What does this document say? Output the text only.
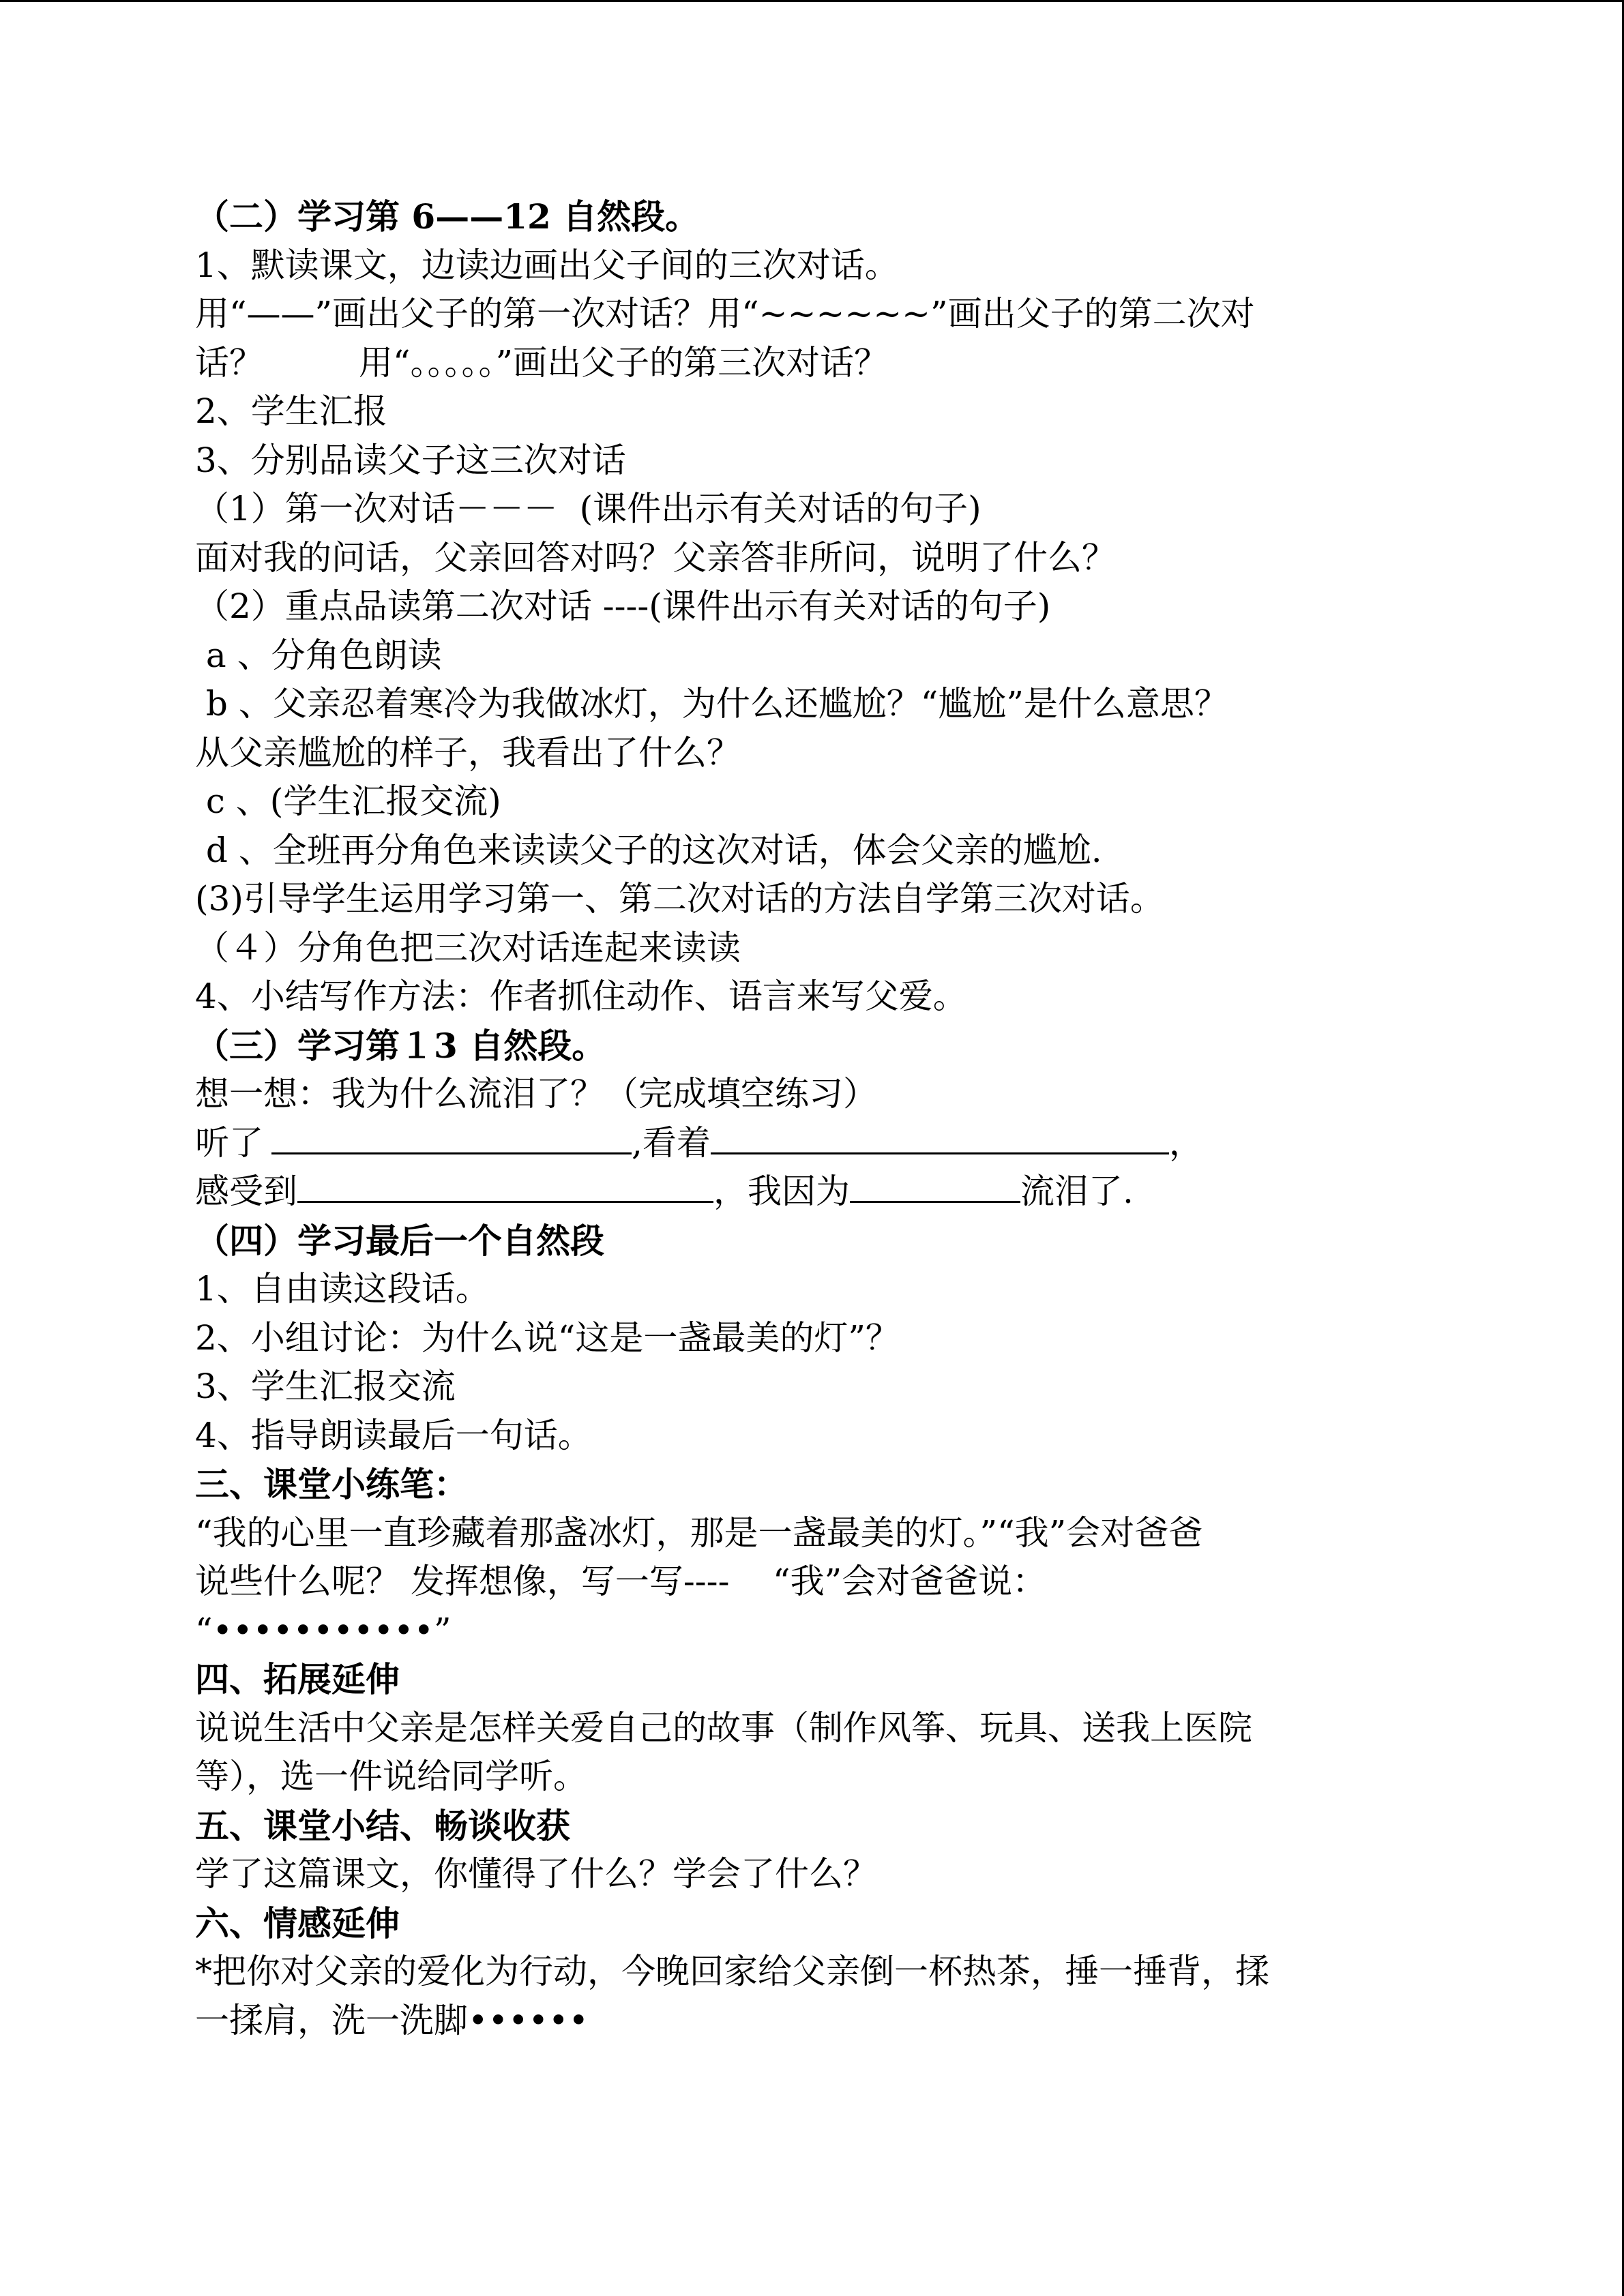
（二）学习第 6——12 自然段。

1、默读课文，边读边画出父子间的三次对话。

用“——”画出父子的第一次对话？用“~~~~~~”画出父子的第二次对

话？	用“。。。。。”画出父子的第三次对话？

2、学生汇报

3、分别品读父子这三次对话

（1）第一次对话－－－  (课件出示有关对话的句子)

面对我的问话，父亲回答对吗？父亲答非所问，说明了什么？

（2）重点品读第二次对话 ----(课件出示有关对话的句子)

a 、分角色朗读

b 、父亲忍着寒冷为我做冰灯，为什么还尴尬？“尴尬”是什么意思？

从父亲尴尬的样子，我看出了什么？

c 、(学生汇报交流)

d 、全班再分角色来读读父子的这次对话，体会父亲的尴尬.

(3)引导学生运用学习第一、第二次对话的方法自学第三次对话。

（４）分角色把三次对话连起来读读

4、小结写作方法：作者抓住动作、语言来写父爱。

（三）学习第１3 自然段。

想一想：我为什么流泪了？（完成填空练习）

听了	,看着	，

感受到	，我因为	流泪了.

（四）学习最后一个自然段

1、自由读这段话。

2、小组讨论：为什么说“这是一盏最美的灯”？

3、学生汇报交流

4、指导朗读最后一句话。

三、课堂小练笔：

“我的心里一直珍藏着那盏冰灯，那是一盏最美的灯。”“我”会对爸爸

说些什么呢？ 发挥想像，写一写----    “我”会对爸爸说：

“•••••••••••”

四、拓展延伸

说说生活中父亲是怎样关爱自己的故事（制作风筝、玩具、送我上医院

等），选一件说给同学听。

五、课堂小结、畅谈收获

学了这篇课文，你懂得了什么？学会了什么？

六、情感延伸

*把你对父亲的爱化为行动，今晚回家给父亲倒一杯热茶，捶一捶背，揉

一揉肩，洗一洗脚••••••
